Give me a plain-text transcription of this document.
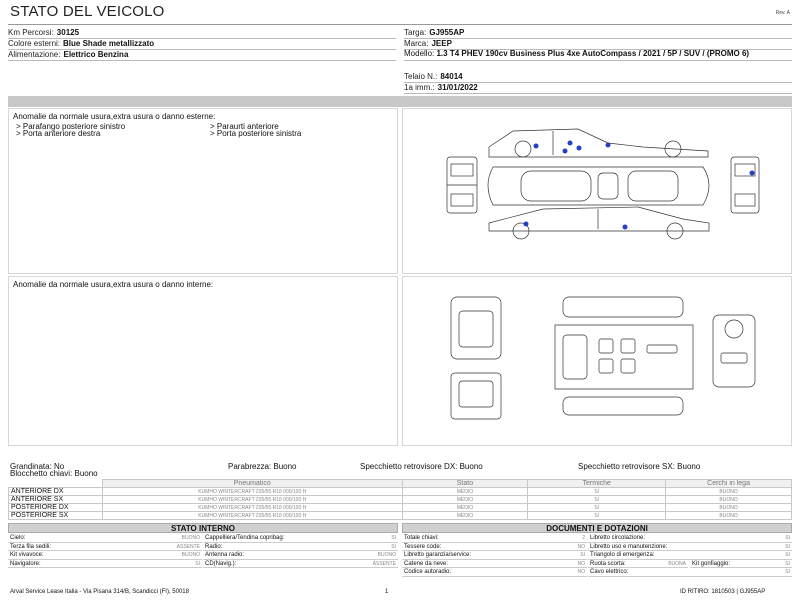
STATO DEL VEICOLO	Rev. A
Km Percorsi: 30125
Colore esterni: Blue Shade metallizzato
Alimentazione: Elettrico Benzina
Targa: GJ955AP
Marca: JEEP
Modello: 1.3 T4 PHEV 190cv Business Plus 4xe AutoCompass / 2021 / 5P / SUV / (PROMO 6)
Telaio N.: 84014
1a imm.: 31/01/2022
Anomalie da normale usura,extra usura o danno esterne:
> Parafango posteriore sinistro
> Porta anteriore destra
> Paraurti anteriore
> Porta posteriore sinistra
Anomalie da normale usura,extra usura o danno interne:
Grandinata: No	Parabrezza: Buono	Specchietto retrovisore DX: Buono	Specchietto retrovisore SX: Buono
Blocchetto chiavi: Buono
	Pneumatico	Stato	Termiche	Cerchi in lega
ANTERIORE DX	KUMHO WINTERCRAFT 235/55 R18 000/100 H	MEDIO	SI	BUONO
ANTERIORE SX	KUMHO WINTERCRAFT 235/55 R18 000/100 H	MEDIO	SI	BUONO
POSTERIORE DX	KUMHO WINTERCRAFT 235/55 R18 000/100 H	MEDIO	SI	BUONO
POSTERIORE SX	KUMHO WINTERCRAFT 235/55 R18 000/100 H	MEDIO	SI	BUONO
STATO INTERNO
Cielo:	BUONO
Terza fila sedili:	ASSENTE
Kit vivavoce:	BUONO
Navigatore:	SI
Cappelliera/Tendina copribag:	SI
Radio:	SI
Antenna radio:	BUONO
CD(Navig.):	ASSENTE
DOCUMENTI E DOTAZIONI
Totale chiavi:	2
Tessere code:	NO
Libretto garanzia/service:	SI
Catene da neve:	NO
Codice autoradio:	NO
Libretto circolazione:	SI
Libretto uso e manutenzione:	SI
Triangolo di emergenza:	SI
Ruota scorta:	BUONA Kit gonfiaggio:	SI
Cavo elettrico:	SI
Arval Service Lease Italia - Via Pisana 314/B, Scandicci (FI), 50018	1	ID RITIRO: 1810503 | GJ955AP
